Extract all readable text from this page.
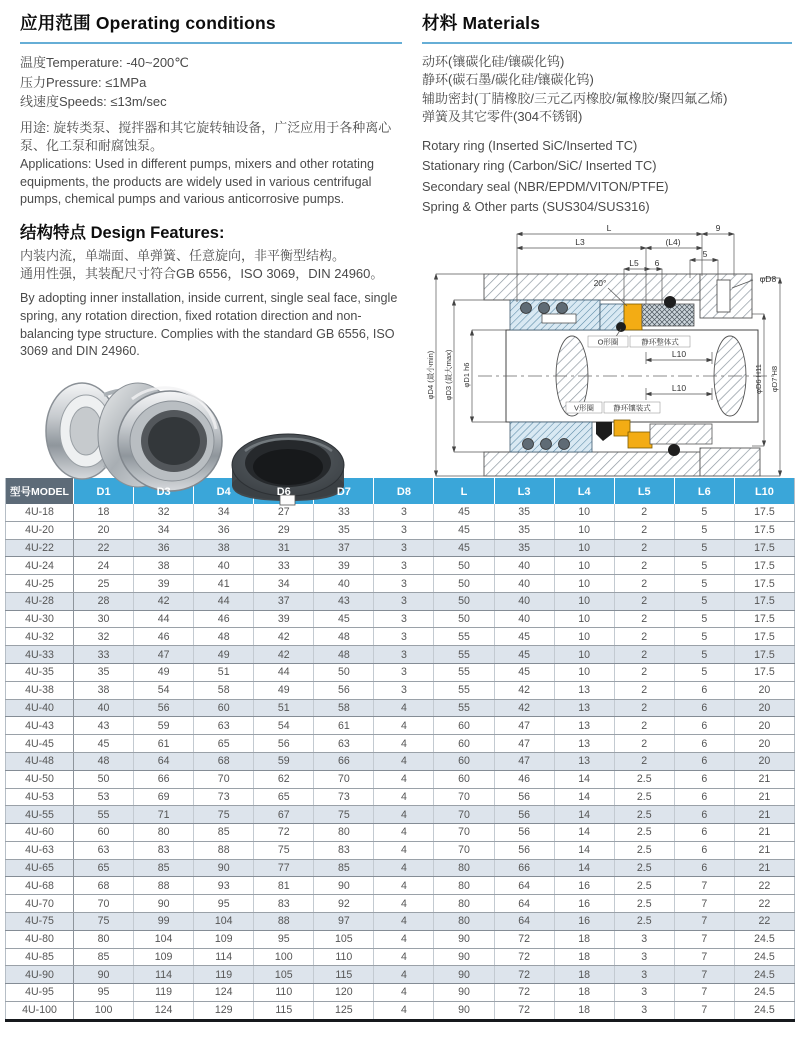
应用范围 Operating conditions
温度Temperature: -40~200℃
压力Pressure: ≤1MPa
线速度Speeds: ≤13m/sec
用途: 旋转类泵、搅拌器和其它旋转轴设备，广泛应用于各种离心泵、化工泵和耐腐蚀泵。
Applications: Used in different pumps, mixers and other rotating equipments, the products are widely used in various centrifugal pumps, chemical pumps and various anticorrosive pumps.
结构特点 Design Features:
内装内流，单端面、单弹簧、任意旋向，非平衡型结构。
通用性强，其装配尺寸符合GB 6556，ISO 3069，DIN 24960。
By adopting inner installation, inside current, single seal face, single spring, any rotation direction, fixed rotation direction and non-balancing type structure. Complies with the standard GB 6556, ISO 3069 and DIN 24960.
材料 Materials
动环(镶碳化硅/镶碳化钨)
静环(碳石墨/碳化硅/镶碳化钨)
辅助密封(丁腈橡胶/三元乙丙橡胶/氟橡胶/聚四氟乙烯)
弹簧及其它零件(304不锈钢)
Rotary ring (Inserted SiC/Inserted TC)
Stationary ring (Carbon/SiC/ Inserted TC)
Secondary seal (NBR/EPDM/VITON/PTFE)
Spring & Other parts (SUS304/SUS316)
L	9
L3	(L4)
5
L5 6
20°	φD8
L10
L10
O形圈	静环整体式
V形圈	静环镶装式
φD4 (最小min) φD3 (最大max) φD1 h6	φD6 H11 φD7 H8
型号MODEL	D1	D3	D4	D6	D7	D8	L	L3	L4	L5	L6	L10
4U-18	18	32	34	27	33	3	45	35	10	2	5	17.5
4U-20	20	34	36	29	35	3	45	35	10	2	5	17.5
4U-22	22	36	38	31	37	3	45	35	10	2	5	17.5
4U-24	24	38	40	33	39	3	50	40	10	2	5	17.5
4U-25	25	39	41	34	40	3	50	40	10	2	5	17.5
4U-28	28	42	44	37	43	3	50	40	10	2	5	17.5
4U-30	30	44	46	39	45	3	50	40	10	2	5	17.5
4U-32	32	46	48	42	48	3	55	45	10	2	5	17.5
4U-33	33	47	49	42	48	3	55	45	10	2	5	17.5
4U-35	35	49	51	44	50	3	55	45	10	2	5	17.5
4U-38	38	54	58	49	56	3	55	42	13	2	6	20
4U-40	40	56	60	51	58	4	55	42	13	2	6	20
4U-43	43	59	63	54	61	4	60	47	13	2	6	20
4U-45	45	61	65	56	63	4	60	47	13	2	6	20
4U-48	48	64	68	59	66	4	60	47	13	2	6	20
4U-50	50	66	70	62	70	4	60	46	14	2.5	6	21
4U-53	53	69	73	65	73	4	70	56	14	2.5	6	21
4U-55	55	71	75	67	75	4	70	56	14	2.5	6	21
4U-60	60	80	85	72	80	4	70	56	14	2.5	6	21
4U-63	63	83	88	75	83	4	70	56	14	2.5	6	21
4U-65	65	85	90	77	85	4	80	66	14	2.5	6	21
4U-68	68	88	93	81	90	4	80	64	16	2.5	7	22
4U-70	70	90	95	83	92	4	80	64	16	2.5	7	22
4U-75	75	99	104	88	97	4	80	64	16	2.5	7	22
4U-80	80	104	109	95	105	4	90	72	18	3	7	24.5
4U-85	85	109	114	100	110	4	90	72	18	3	7	24.5
4U-90	90	114	119	105	115	4	90	72	18	3	7	24.5
4U-95	95	119	124	110	120	4	90	72	18	3	7	24.5
4U-100	100	124	129	115	125	4	90	72	18	3	7	24.5
